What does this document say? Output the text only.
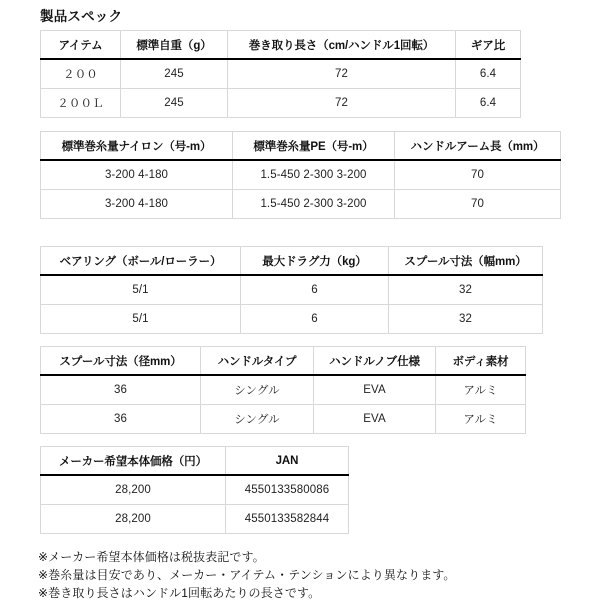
製品スペック
アイテム	標準自重（g）	巻き取り長さ（cm/ハンドル1回転）	ギア比
２００	245	72	6.4
２００Ｌ	245	72	6.4
標準巻糸量ナイロン（号-m）	標準巻糸量PE（号-m）	ハンドルアーム長（mm）
3-200 4-180	1.5-450 2-300 3-200	70
3-200 4-180	1.5-450 2-300 3-200	70
ベアリング（ボール/ローラー）	最大ドラグ力（kg）	スプール寸法（幅mm）
5/1	6	32
5/1	6	32
スプール寸法（径mm）	ハンドルタイプ	ハンドルノブ仕様	ボディ素材
36	シングル	EVA	アルミ
36	シングル	EVA	アルミ
メーカー希望本体価格（円）	JAN
28,200	4550133580086
28,200	4550133582844
※メーカー希望本体価格は税抜表記です。
※巻糸量は目安であり、メーカー・アイテム・テンションにより異なります。
※巻き取り長さはハンドル1回転あたりの長さです。
